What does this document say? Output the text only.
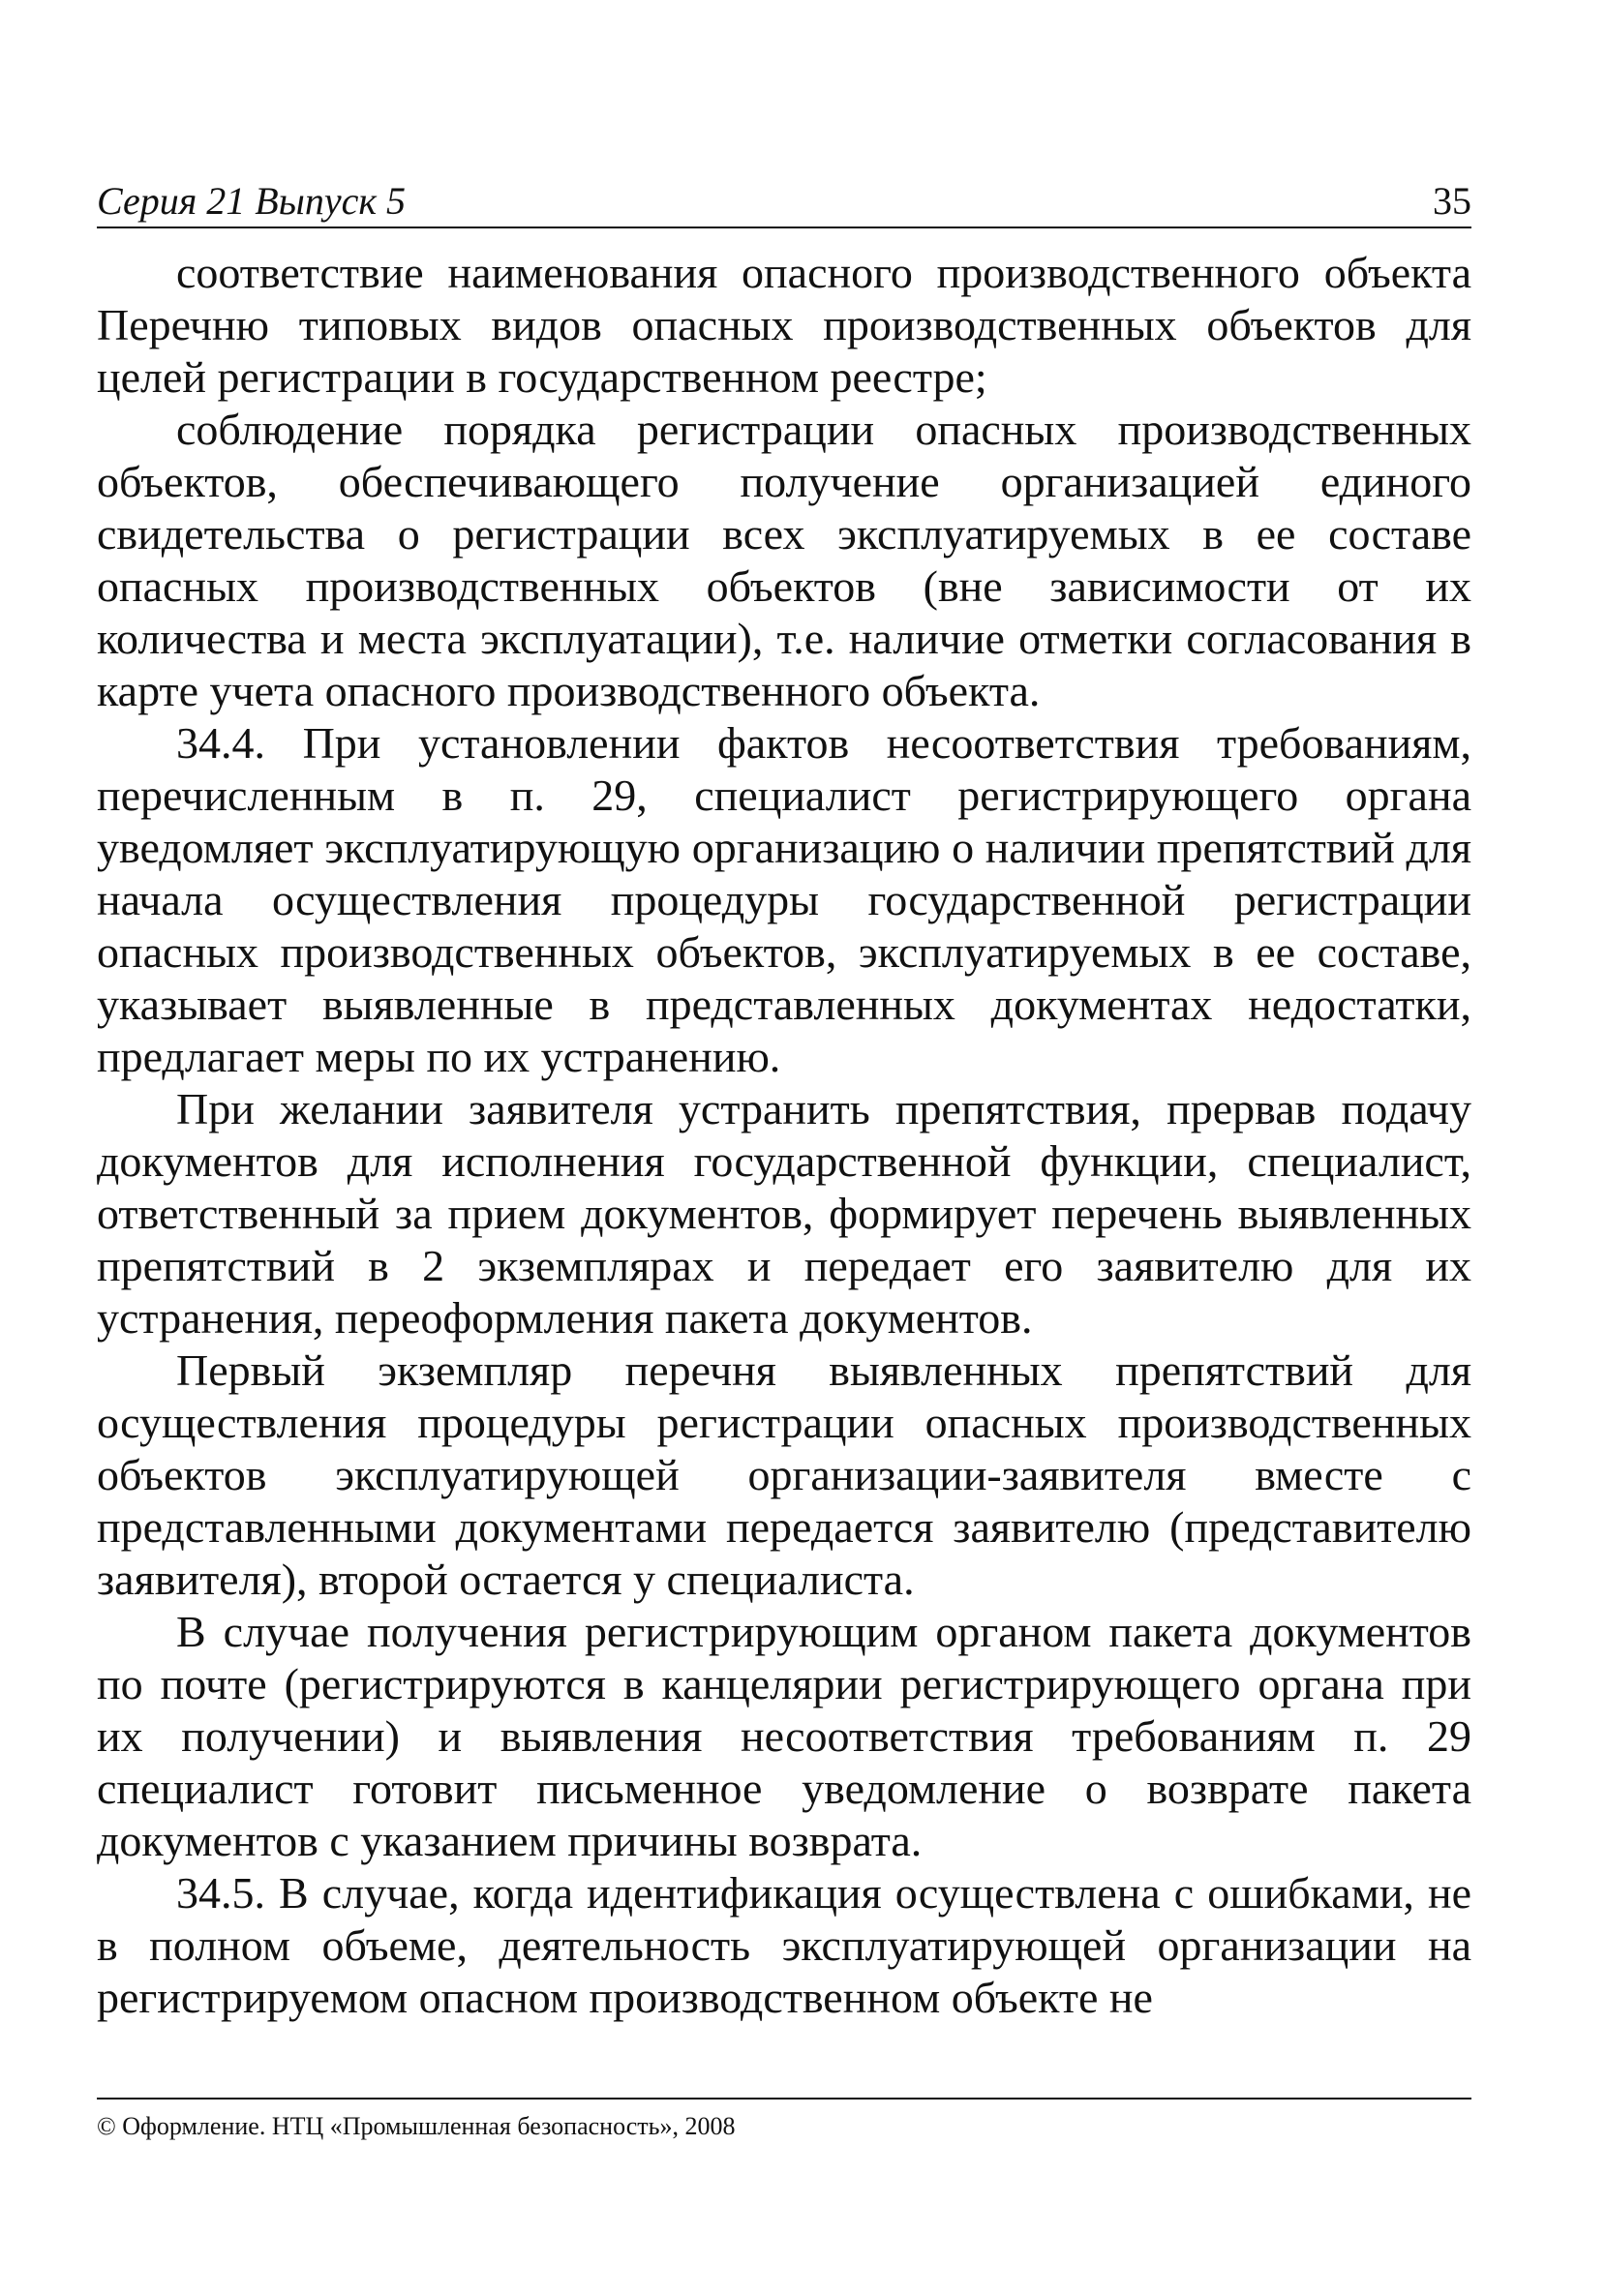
Серия 21 Выпуск 5	35

соответствие наименования опасного производственного объекта Перечню типовых видов опасных производственных объектов для целей регистрации в государственном реестре;

соблюдение порядка регистрации опасных производственных объектов, обеспечивающего получение организацией единого свидетельства о регистрации всех эксплуатируемых в ее составе опасных производственных объектов (вне зависимости от их количества и места эксплуатации), т.е. наличие отметки согласования в карте учета опасного производственного объекта.

34.4. При установлении фактов несоответствия требованиям, перечисленным в п. 29, специалист регистрирующего органа уведомляет эксплуатирующую организацию о наличии препятствий для начала осуществления процедуры государственной регистрации опасных производственных объектов, эксплуатируемых в ее составе, указывает выявленные в представленных документах недостатки, предлагает меры по их устранению.

При желании заявителя устранить препятствия, прервав подачу документов для исполнения государственной функции, специалист, ответственный за прием документов, формирует перечень выявленных препятствий в 2 экземплярах и передает его заявителю для их устранения, переоформления пакета документов.

Первый экземпляр перечня выявленных препятствий для осуществления процедуры регистрации опасных производственных объектов эксплуатирующей организации-заявителя вместе с представленными документами передается заявителю (представителю заявителя), второй остается у специалиста.

В случае получения регистрирующим органом пакета документов по почте (регистрируются в канцелярии регистрирующего органа при их получении) и выявления несоответствия требованиям п. 29 специалист готовит письменное уведомление о возврате пакета документов с указанием причины возврата.

34.5. В случае, когда идентификация осуществлена с ошибками, не в полном объеме, деятельность эксплуатирующей организации на регистрируемом опасном производственном объекте не

© Оформление. НТЦ «Промышленная безопасность», 2008
